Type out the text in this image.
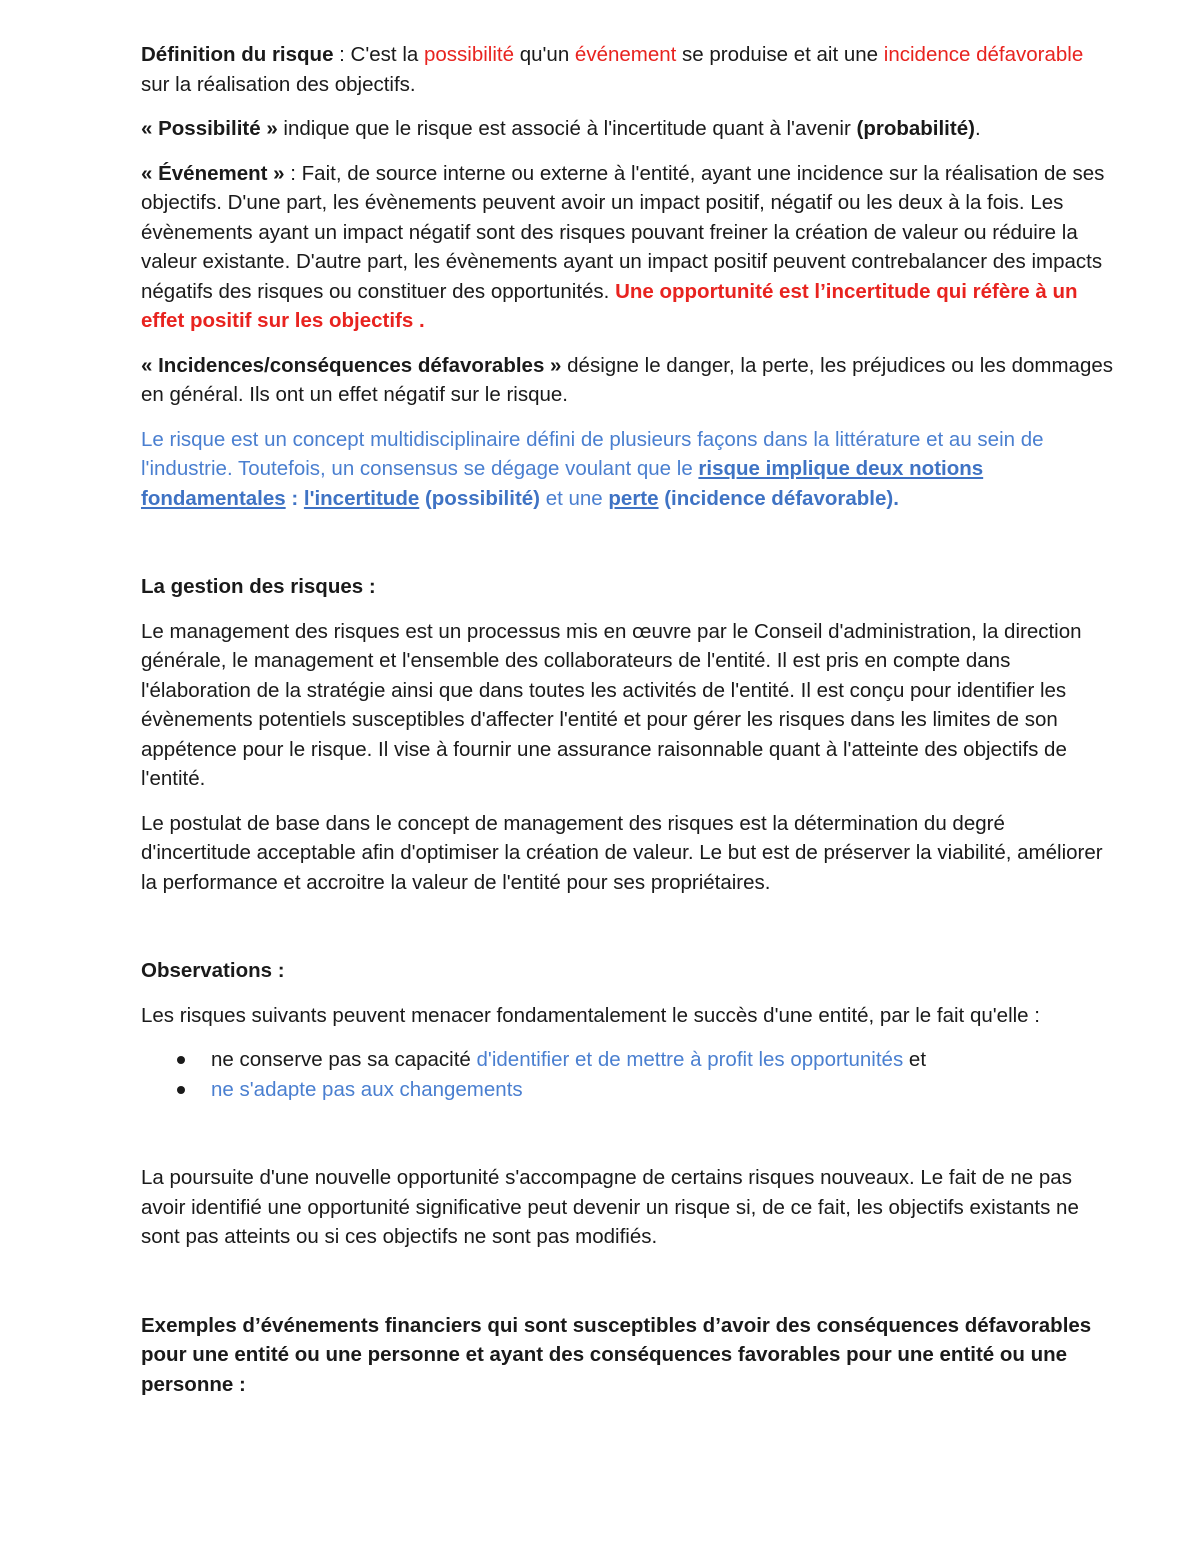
Définition du risque : C'est la possibilité qu'un événement se produise et ait une incidence défavorable sur la réalisation des objectifs.

« Possibilité » indique que le risque est associé à l'incertitude quant à l'avenir (probabilité).

« Événement » : Fait, de source interne ou externe à l'entité, ayant une incidence sur la réalisation de ses objectifs. D'une part, les évènements peuvent avoir un impact positif, négatif ou les deux à la fois. Les évènements ayant un impact négatif sont des risques pouvant freiner la création de valeur ou réduire la valeur existante. D'autre part, les évènements ayant un impact positif peuvent contrebalancer des impacts négatifs des risques ou constituer des opportunités. Une opportunité est l’incertitude qui réfère à un effet positif sur les objectifs .

« Incidences/conséquences défavorables » désigne le danger, la perte, les préjudices ou les dommages en général. Ils ont un effet négatif sur le risque.

Le risque est un concept multidisciplinaire défini de plusieurs façons dans la littérature et au sein de l'industrie. Toutefois, un consensus se dégage voulant que le risque implique deux notions fondamentales : l'incertitude (possibilité) et une perte (incidence défavorable).

La gestion des risques :

Le management des risques est un processus mis en œuvre par le Conseil d'administration, la direction générale, le management et l'ensemble des collaborateurs de l'entité. Il est pris en compte dans l'élaboration de la stratégie ainsi que dans toutes les activités de l'entité. Il est conçu pour identifier les évènements potentiels susceptibles d'affecter l'entité et pour gérer les risques dans les limites de son appétence pour le risque. Il vise à fournir une assurance raisonnable quant à l'atteinte des objectifs de l'entité.

Le postulat de base dans le concept de management des risques est la détermination du degré d'incertitude acceptable afin d'optimiser la création de valeur. Le but est de préserver la viabilité, améliorer la performance et accroitre la valeur de l'entité pour ses propriétaires.

Observations :

Les risques suivants peuvent menacer fondamentalement le succès d'une entité, par le fait qu'elle :

ne conserve pas sa capacité d'identifier et de mettre à profit les opportunités et
ne s'adapte pas aux changements

La poursuite d'une nouvelle opportunité s'accompagne de certains risques nouveaux. Le fait de ne pas avoir identifié une opportunité significative peut devenir un risque si, de ce fait, les objectifs existants ne sont pas atteints ou si ces objectifs ne sont pas modifiés.

Exemples d’événements financiers qui sont susceptibles d’avoir des conséquences défavorables pour une entité ou une personne et ayant des conséquences favorables pour une entité ou une personne :
